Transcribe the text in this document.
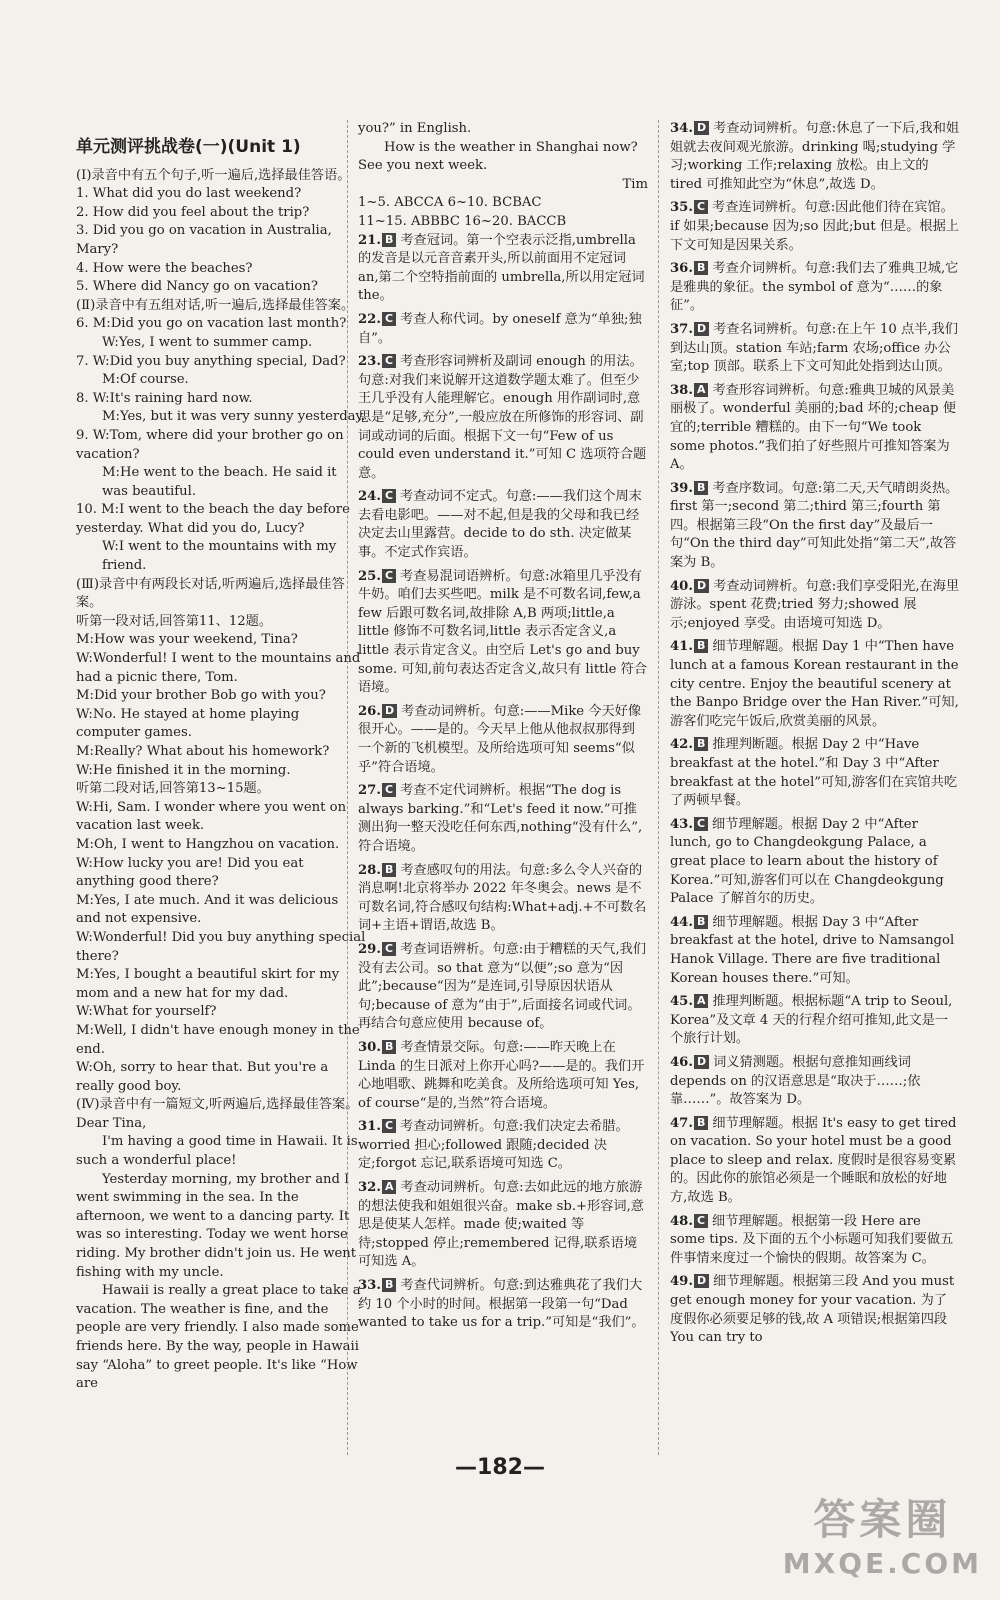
单元测评挑战卷(一)(Unit 1)

(Ⅰ)录音中有五个句子,听一遍后,选择最佳答语。

1. What did you do last weekend?

2. How did you feel about the trip?

3. Did you go on vacation in Australia, Mary?

4. How were the beaches?

5. Where did Nancy go on vacation?

(Ⅱ)录音中有五组对话,听一遍后,选择最佳答案。

6. M:Did you go on vacation last month?

W:Yes, I went to summer camp.

7. W:Did you buy anything special, Dad?

M:Of course.

8. W:It's raining hard now.

M:Yes, but it was very sunny yesterday.

9. W:Tom, where did your brother go on vacation?

M:He went to the beach. He said it was beautiful.

10. M:I went to the beach the day before yesterday. What did you do, Lucy?

W:I went to the mountains with my friend.

(Ⅲ)录音中有两段长对话,听两遍后,选择最佳答案。

听第一段对话,回答第11、12题。

M:How was your weekend, Tina?

W:Wonderful! I went to the mountains and had a picnic there, Tom.

M:Did your brother Bob go with you?

W:No. He stayed at home playing computer games.

M:Really? What about his homework?

W:He finished it in the morning.

听第二段对话,回答第13~15题。

W:Hi, Sam. I wonder where you went on vacation last week.

M:Oh, I went to Hangzhou on vacation.

W:How lucky you are! Did you eat anything good there?

M:Yes, I ate much. And it was delicious and not expensive.

W:Wonderful! Did you buy anything special there?

M:Yes, I bought a beautiful skirt for my mom and a new hat for my dad.

W:What for yourself?

M:Well, I didn't have enough money in the end.

W:Oh, sorry to hear that. But you're a really good boy.

(Ⅳ)录音中有一篇短文,听两遍后,选择最佳答案。

Dear Tina,

I'm having a good time in Hawaii. It is such a wonderful place!

Yesterday morning, my brother and I went swimming in the sea. In the afternoon, we went to a dancing party. It was so interesting. Today we went horse riding. My brother didn't join us. He went fishing with my uncle.

Hawaii is really a great place to take a vacation. The weather is fine, and the people are very friendly. I also made some friends here. By the way, people in Hawaii say “Aloha” to greet people. It's like “How are

you?” in English.

How is the weather in Shanghai now?

See you next week.

Tim

1~5. ABCCA 6~10. BCBAC

11~15. ABBBC 16~20. BACCB

21. B 考查冠词。第一个空表示泛指,umbrella的发音是以元音音素开头,所以前面用不定冠词 an,第二个空特指前面的 umbrella,所以用定冠词 the。
22. C 考查人称代词。by oneself 意为“单独;独自”。
23. C 考查形容词辨析及副词 enough 的用法。句意:对我们来说解开这道数学题太难了。但至少王几乎没有人能理解它。enough 用作副词时,意思是“足够,充分”,一般应放在所修饰的形容词、副词或动词的后面。根据下文一句“Few of us could even understand it.”可知 C 选项符合题意。
24. C 考查动词不定式。句意:——我们这个周末去看电影吧。——对不起,但是我的父母和我已经决定去山里露营。decide to do sth. 决定做某事。不定式作宾语。
25. C 考查易混词语辨析。句意:冰箱里几乎没有牛奶。咱们去买些吧。milk 是不可数名词,few,a few 后跟可数名词,故排除 A,B 两项;little,a little 修饰不可数名词,little 表示否定含义,a little 表示肯定含义。由空后 Let's go and buy some. 可知,前句表达否定含义,故只有 little 符合语境。
26. D 考查动词辨析。句意:——Mike 今天好像很开心。——是的。今天早上他从他叔叔那得到一个新的飞机模型。及所给选项可知 seems“似乎”符合语境。
27. C 考查不定代词辨析。根据“The dog is always barking.”和“Let's feed it now.”可推测出狗一整天没吃任何东西,nothing“没有什么”,符合语境。
28. B 考查感叹句的用法。句意:多么令人兴奋的消息啊!北京将举办 2022 年冬奥会。news 是不可数名词,符合感叹句结构:What+adj.+不可数名词+主语+谓语,故选 B。
29. C 考查词语辨析。句意:由于糟糕的天气,我们没有去公司。so that 意为“以便”;so 意为“因此”;because“因为”是连词,引导原因状语从句;because of 意为“由于”,后面接名词或代词。再结合句意应使用 because of。
30. B 考查情景交际。句意:——昨天晚上在 Linda 的生日派对上你开心吗?——是的。我们开心地唱歌、跳舞和吃美食。及所给选项可知 Yes, of course“是的,当然”符合语境。
31. C 考查动词辨析。句意:我们决定去希腊。worried 担心;followed 跟随;decided 决定;forgot 忘记,联系语境可知选 C。
32. A 考查动词辨析。句意:去如此远的地方旅游的想法使我和姐姐很兴奋。make sb.+形容词,意思是使某人怎样。made 使;waited 等待;stopped 停止;remembered 记得,联系语境可知选 A。
33. B 考查代词辨析。句意:到达雅典花了我们大约 10 个小时的时间。根据第一段第一句“Dad wanted to take us for a trip.”可知是“我们”。
34. D 考查动词辨析。句意:休息了一下后,我和姐姐就去夜间观光旅游。drinking 喝;studying 学习;working 工作;relaxing 放松。由上文的 tired 可推知此空为“休息”,故选 D。
35. C 考查连词辨析。句意:因此他们待在宾馆。if 如果;because 因为;so 因此;but 但是。根据上下文可知是因果关系。
36. B 考查介词辨析。句意:我们去了雅典卫城,它是雅典的象征。the symbol of 意为“……的象征”。
37. D 考查名词辨析。句意:在上午 10 点半,我们到达山顶。station 车站;farm 农场;office 办公室;top 顶部。联系上下文可知此处指到达山顶。
38. A 考查形容词辨析。句意:雅典卫城的风景美丽极了。wonderful 美丽的;bad 坏的;cheap 便宜的;terrible 糟糕的。由下一句“We took some photos.”我们拍了好些照片可推知答案为 A。
39. B 考查序数词。句意:第二天,天气晴朗炎热。first 第一;second 第二;third 第三;fourth 第四。根据第三段“On the first day”及最后一句“On the third day”可知此处指“第二天”,故答案为 B。
40. D 考查动词辨析。句意:我们享受阳光,在海里游泳。spent 花费;tried 努力;showed 展示;enjoyed 享受。由语境可知选 D。
41. B 细节理解题。根据 Day 1 中“Then have lunch at a famous Korean restaurant in the city centre. Enjoy the beautiful scenery at the Banpo Bridge over the Han River.”可知,游客们吃完午饭后,欣赏美丽的风景。
42. B 推理判断题。根据 Day 2 中“Have breakfast at the hotel.”和 Day 3 中“After breakfast at the hotel”可知,游客们在宾馆共吃了两顿早餐。
43. C 细节理解题。根据 Day 2 中“After lunch, go to Changdeokgung Palace, a great place to learn about the history of Korea.”可知,游客们可以在 Changdeokgung Palace 了解首尔的历史。
44. B 细节理解题。根据 Day 3 中“After breakfast at the hotel, drive to Namsangol Hanok Village. There are five traditional Korean houses there.”可知。
45. A 推理判断题。根据标题“A trip to Seoul, Korea”及文章 4 天的行程介绍可推知,此文是一个旅行计划。
46. D 词义猜测题。根据句意推知画线词 depends on 的汉语意思是“取决于……;依靠……”。故答案为 D。
47. B 细节理解题。根据 It's easy to get tired on vacation. So your hotel must be a good place to sleep and relax. 度假时是很容易变累的。因此你的旅馆必须是一个睡眠和放松的好地方,故选 B。
48. C 细节理解题。根据第一段 Here are some tips. 及下面的五个小标题可知我们要做五件事情来度过一个愉快的假期。故答案为 C。
49. D 细节理解题。根据第三段 And you must get enough money for your vacation. 为了度假你必须要足够的钱,故 A 项错误;根据第四段 You can try to
—182—
答案圈
MXQE.COM
